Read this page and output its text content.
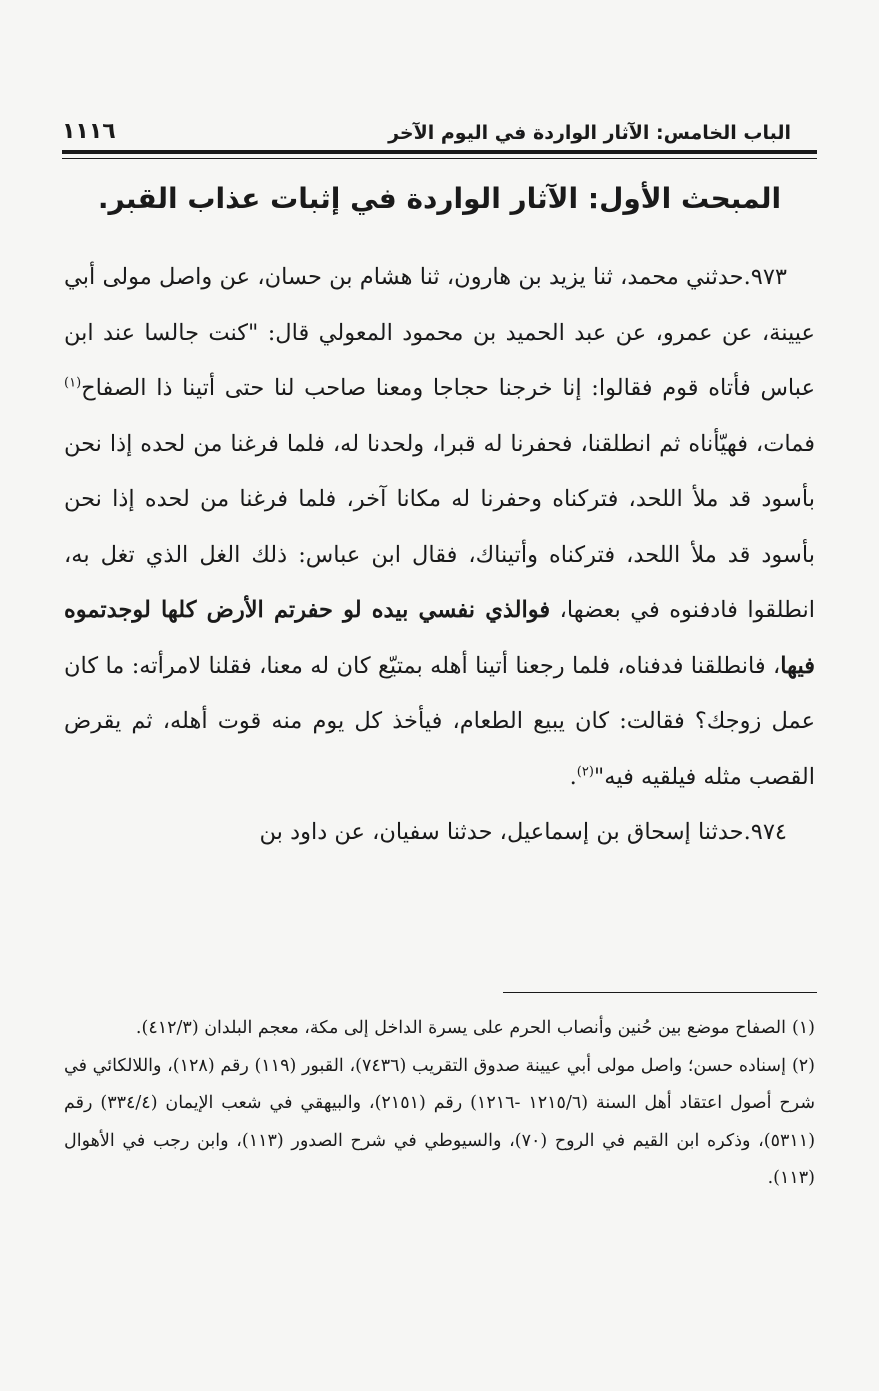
الباب الخامس: الآثار الواردة في اليوم الآخر
١١١٦
المبحث الأول: الآثار الواردة في إثبات عذاب القبر.

٩٧٣.حدثني محمد، ثنا يزيد بن هارون، ثنا هشام بن حسان، عن واصل مولى أبي عيينة، عن عمرو، عن عبد الحميد بن محمود المعولي قال: "كنت جالسا عند ابن عباس فأتاه قوم فقالوا: إنا خرجنا حجاجا ومعنا صاحب لنا حتى أتينا ذا الصفاح$^{(١)}$ فمات، فهيّأناه ثم انطلقنا، فحفرنا له قبرا، ولحدنا له، فلما فرغنا من لحده إذا نحن بأسود قد ملأ اللحد، فتركناه وحفرنا له مكانا آخر، فلما فرغنا من لحده إذا نحن بأسود قد ملأ اللحد، فتركناه وأتيناك، فقال ابن عباس: ذلك الغل الذي تغل به، انطلقوا فادفنوه في بعضها، فوالذي نفسي بيده لو حفرتم الأرض كلها لوجدتموه فيها، فانطلقنا فدفناه، فلما رجعنا أتينا أهله بمتيّع كان له معنا، فقلنا لامرأته: ما كان عمل زوجك؟ فقالت: كان يبيع الطعام، فيأخذ كل يوم منه قوت أهله، ثم يقرض القصب مثله فيلقيه فيه"$^{(٢)}$.

٩٧٤.حدثنا إسحاق بن إسماعيل، حدثنا سفيان، عن داود بن

(١)الصفاح موضع بين حُنين وأنصاب الحرم على يسرة الداخل إلى مكة، معجم البلدان (٤١٢/٣).

(٢)إسناده حسن؛ واصل مولى أبي عيينة صدوق التقريب (٧٤٣٦)، القبور (١١٩) رقم (١٢٨)، واللالكائي في شرح أصول اعتقاد أهل السنة (١٢١٥/٦ -١٢١٦) رقم (٢١٥١)، والبيهقي في شعب الإيمان (٣٣٤/٤) رقم (٥٣١١)، وذكره ابن القيم في الروح (٧٠)، والسيوطي في شرح الصدور (١١٣)، وابن رجب في الأهوال (١١٣).
